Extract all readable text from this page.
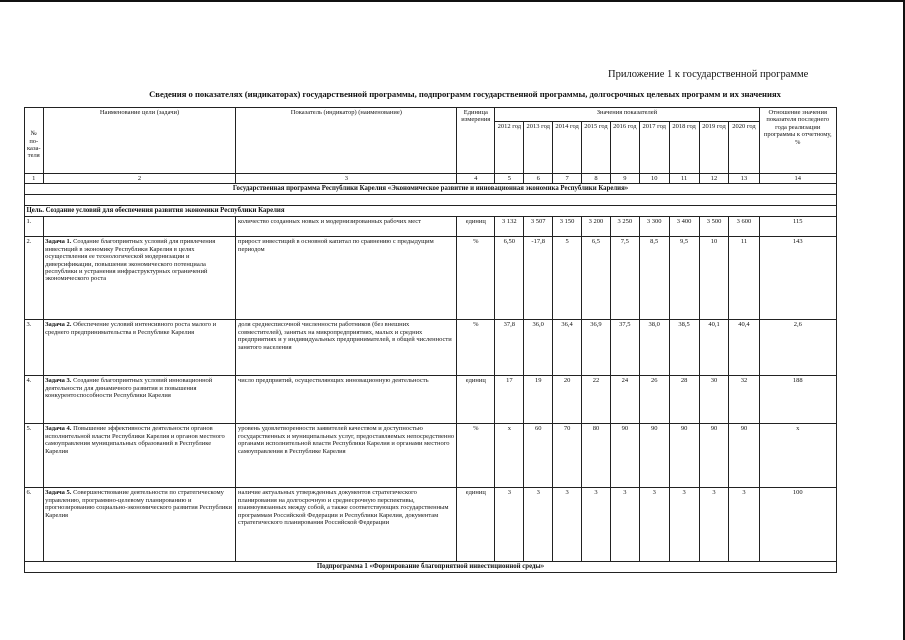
Приложение 1 к государственной программе
Сведения о показателях (индикаторах) государственной программы, подпрограмм государственной программы, долгосрочных целевых программ и их значениях
№ по- каза- теля	Наименование цели (задачи)	Показатель (индикатор) (наименование)	Единица измерения	Значения показателей									Отношение значения показателя последнего года реализации программы к отчетному, %
				2012 год	2013 год	2014 год	2015 год	2016 год	2017 год	2018 год	2019 год	2020 год	
1	2	3	4	5	6	7	8	9	10	11	12	13	14
Государственная программа Республики Карелия «Экономическое развитие и инновационная экономика Республики Карелия»													

Цель. Создание условий для обеспечения развития экономики Республики Карелия													
1.		количество созданных новых и модернизированных рабочих мест	единиц	3 132	3 507	3 150	3 200	3 250	3 300	3 400	3 500	3 600	115
2.	Задача 1. Создание благоприятных условий для привлечения инвестиций в экономику Республики Карелия в целях осуществления ее технологической модернизации и диверсификации, повышения экономического потенциала республики и устранения инфраструктурных ограничений экономического роста	прирост инвестиций в основной капитал по сравнению с предыдущим периодом	%	6,50	-17,8	5	6,5	7,5	8,5	9,5	10	11	143
3.	Задача 2. Обеспечение условий интенсивного роста малого и среднего предпринимательства в Республике Карелия	доля среднесписочной численности работников (без внешних совместителей), занятых на микропредприятиях, малых и средних предприятиях и у индивидуальных предпринимателей, в общей численности занятого населения	%	37,8	36,0	36,4	36,9	37,5	38,0	38,5	40,1	40,4	2,6
4.	Задача 3. Создание благоприятных условий инновационной деятельности для динамичного развития и повышения конкурентоспособности Республики Карелия	число предприятий, осуществляющих инновационную деятельность	единиц	17	19	20	22	24	26	28	30	32	188
5.	Задача 4. Повышение эффективности деятельности органов исполнительной власти Республики Карелия и органов местного самоуправления муниципальных образований в Республике Карелия	уровень удовлетворенности заявителей качеством и доступностью государственных и муниципальных услуг, предоставляемых непосредственно органами исполнительной власти Республики Карелия и органами местного самоуправления в Республике Карелия	%	x	60	70	80	90	90	90	90	90	x
6.	Задача 5. Совершенствование деятельности по стратегическому управлению, программно-целевому планированию и прогнозированию социально-экономического развития Республики Карелия	наличие актуальных утвержденных документов стратегического планирования на долгосрочную и среднесрочную перспективы, взаимоувязанных между собой, а также соответствующих государственным программам Российской Федерации и Республики Карелия, документам стратегического планирования Российской Федерации	единиц	3	3	3	3	3	3	3	3	3	100
Подпрограмма 1 «Формирование благоприятной инвестиционной среды»													
